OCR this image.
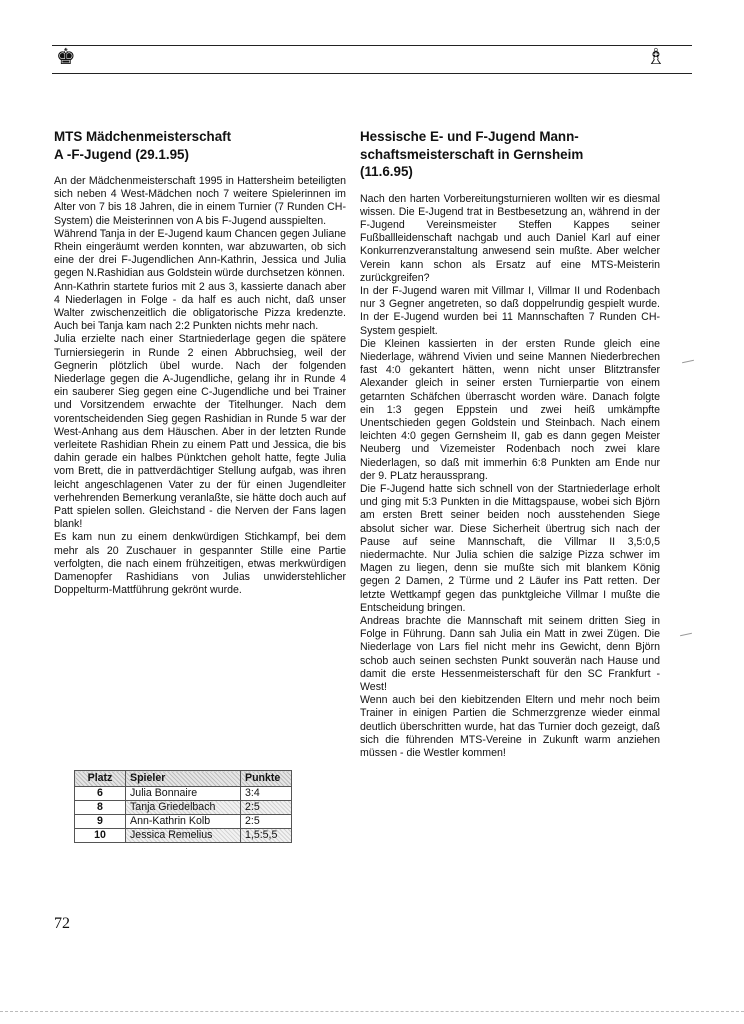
♚	♗
MTS Mädchenmeisterschaft
A -F-Jugend (29.1.95)

An der Mädchenmeisterschaft 1995 in Hattersheim beteiligten sich neben 4 West-Mädchen noch 7 weitere Spielerinnen im Alter von 7 bis 18 Jahren, die in einem Turnier (7 Runden CH-System) die Meisterinnen von A bis F-Jugend ausspielten.

Während Tanja in der E-Jugend kaum Chancen gegen Juliane Rhein eingeräumt werden konnten, war abzuwarten, ob sich eine der drei F-Jugendlichen Ann-Kathrin, Jessica und Julia gegen N.Rashidian aus Goldstein würde durchsetzen können.

Ann-Kathrin startete furios mit 2 aus 3, kassierte danach aber 4 Niederlagen in Folge - da half es auch nicht, daß unser Walter zwischenzeitlich die obligatorische Pizza kredenzte. Auch bei Tanja kam nach 2:2 Punkten nichts mehr nach.

Julia erzielte nach einer Startniederlage gegen die spätere Turniersiegerin in Runde 2 einen Abbruchsieg, weil der Gegnerin plötzlich übel wurde. Nach der folgenden Niederlage gegen die A-Jugendliche, gelang ihr in Runde 4 ein sauberer Sieg gegen eine C-Jugendliche und bei Trainer und Vorsitzendem erwachte der Titelhunger. Nach dem vorentscheidenden Sieg gegen Rashidian in Runde 5 war der West-Anhang aus dem Häuschen. Aber in der letzten Runde verleitete Rashidian Rhein zu einem Patt und Jessica, die bis dahin gerade ein halbes Pünktchen geholt hatte, fegte Julia vom Brett, die in pattverdächtiger Stellung aufgab, was ihren leicht angeschlagenen Vater zu der für einen Jugendleiter verhehrenden Bemerkung veranlaßte, sie hätte doch auch auf Patt spielen sollen. Gleichstand - die Nerven der Fans lagen blank!

Es kam nun zu einem denkwürdigen Stichkampf, bei dem mehr als 20 Zuschauer in gespannter Stille eine Partie verfolgten, die nach einem frühzeitigen, etwas merkwürdigen Damenopfer Rashidians von Julias unwiderstehlicher Doppelturm-Mattführung gekrönt wurde.

Platz	Spieler	Punkte
6	Julia Bonnaire	3:4
8	Tanja Griedelbach	2:5
9	Ann-Kathrin Kolb	2:5
10	Jessica Remelius	1,5:5,5
Hessische E- und F-Jugend Mann-
schaftsmeisterschaft in Gernsheim
(11.6.95)

Nach den harten Vorbereitungsturnieren wollten wir es diesmal wissen. Die E-Jugend trat in Bestbesetzung an, während in der F-Jugend Vereinsmeister Steffen Kappes seiner Fußballleidenschaft nachgab und auch Daniel Karl auf einer Konkurrenzveranstaltung anwesend sein mußte. Aber welcher Verein kann schon als Ersatz auf eine MTS-Meisterin zurückgreifen?

In der F-Jugend waren mit Villmar I, Villmar II und Rodenbach nur 3 Gegner angetreten, so daß doppelrundig gespielt wurde. In der E-Jugend wurden bei 11 Mannschaften 7 Runden CH-System gespielt.

Die Kleinen kassierten in der ersten Runde gleich eine Niederlage, während Vivien und seine Mannen Niederbrechen fast 4:0 gekantert hätten, wenn nicht unser Blitztransfer Alexander gleich in seiner ersten Turnierpartie von einem getarnten Schäfchen überrascht worden wäre. Danach folgte ein 1:3 gegen Eppstein und zwei heiß umkämpfte Unentschieden gegen Goldstein und Steinbach. Nach einem leichten 4:0 gegen Gernsheim II, gab es dann gegen Meister Neuberg und Vizemeister Rodenbach noch zwei klare Niederlagen, so daß mit immerhin 6:8 Punkten am Ende nur der 9. PLatz heraussprang.

Die F-Jugend hatte sich schnell von der Startniederlage erholt und ging mit 5:3 Punkten in die Mittagspause, wobei sich Björn am ersten Brett seiner beiden noch ausstehenden Siege absolut sicher war. Diese Sicherheit übertrug sich nach der Pause auf seine Mannschaft, die Villmar II 3,5:0,5 niedermachte. Nur Julia schien die salzige Pizza schwer im Magen zu liegen, denn sie mußte sich mit blankem König gegen 2 Damen, 2 Türme und 2 Läufer ins Patt retten. Der letzte Wettkampf gegen das punktgleiche Villmar I mußte die Entscheidung bringen.

Andreas brachte die Mannschaft mit seinem dritten Sieg in Folge in Führung. Dann sah Julia ein Matt in zwei Zügen. Die Niederlage von Lars fiel nicht mehr ins Gewicht, denn Björn schob auch seinen sechsten Punkt souverän nach Hause und damit die erste Hessenmeisterschaft für den SC Frankfurt -West!

Wenn auch bei den kiebitzenden Eltern und mehr noch beim Trainer in einigen Partien die Schmerzgrenze wieder einmal deutlich überschritten wurde, hat das Turnier doch gezeigt, daß sich die führenden MTS-Vereine in Zukunft warm anziehen müssen - die Westler kommen!

72
